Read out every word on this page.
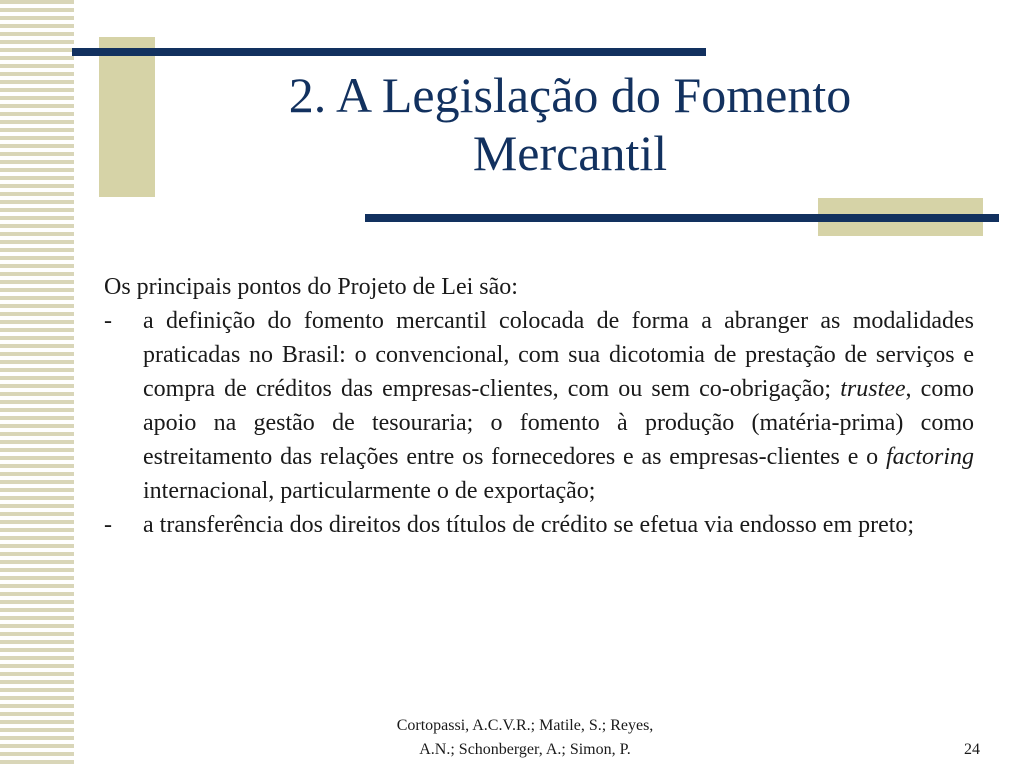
2. A Legislação do Fomento
Mercantil

Os principais pontos do Projeto de Lei são:

-	a definição do fomento mercantil colocada de forma a abranger as modalidades praticadas no Brasil: o convencional, com sua dicotomia de prestação de serviços e compra de créditos das empresas-clientes, com ou sem co-obrigação; trustee, como apoio na gestão de tesouraria; o fomento à produção (matéria-prima) como estreitamento das relações entre os fornecedores e as empresas-clientes e o factoring internacional, particularmente o de exportação;
-	a transferência dos direitos dos títulos de crédito se efetua via endosso em preto;
Cortopassi, A.C.V.R.; Matile, S.; Reyes,
A.N.; Schonberger, A.; Simon, P.	24
